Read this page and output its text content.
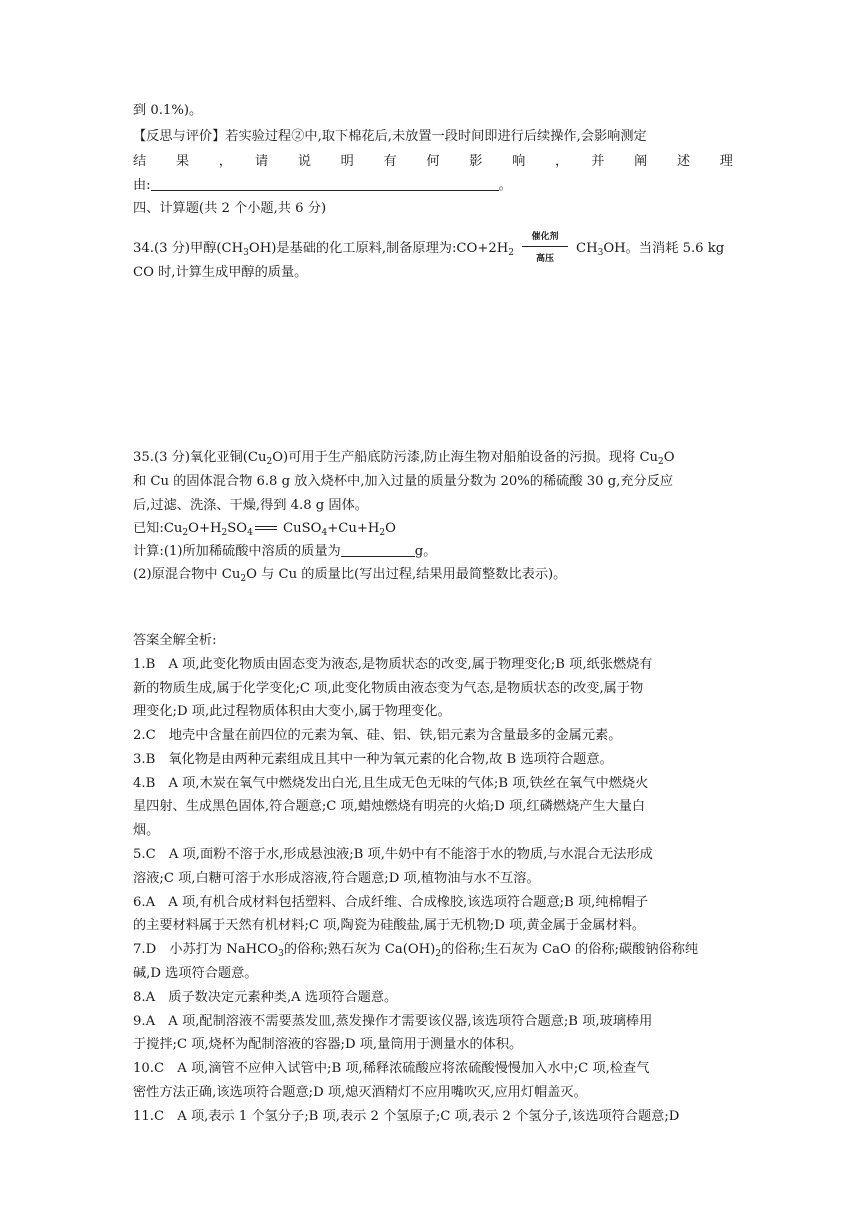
到 0.1%)。
【反思与评价】若实验过程②中,取下棉花后,未放置一段时间即进行后续操作,会影响测定
结　果　，　请　说　明　有　何　影　响　，　并　阐　述　理
由:	。
四、计算题(共 2 个小题,共 6 分)
34.(3 分)甲醇$(CH_3OH)$是基础的化工原料,制备原理为$:CO+2H_2$
催化剂
高压
$CH_3OH$。当消耗 5.6 kg
CO 时,计算生成甲醇的质量。
35.(3 分)氧化亚铜$(Cu_2O)$可用于生产船底防污漆,防止海生物对船舶设备的污损。现将 $Cu_2O$
和 Cu 的固体混合物 6.8 g 放入烧杯中,加入过量的质量分数为 20%的稀硫酸 30 g,充分反应
后,过滤、洗涤、干燥,得到 4.8 g 固体。
已知$:Cu_2O+H_2SO_4$ $CuSO_4+Cu+H_2O$
计算:(1)所加稀硫酸中溶质的质量为	g。
(2)原混合物中 $Cu_2O$ 与 Cu 的质量比(写出过程,结果用最简整数比表示)。
答案全解全析:
1.B　A 项,此变化物质由固态变为液态,是物质状态的改变,属于物理变化;B 项,纸张燃烧有
新的物质生成,属于化学变化;C 项,此变化物质由液态变为气态,是物质状态的改变,属于物
理变化;D 项,此过程物质体积由大变小,属于物理变化。
2.C　地壳中含量在前四位的元素为氧、硅、铝、铁,铝元素为含量最多的金属元素。
3.B　氧化物是由两种元素组成且其中一种为氧元素的化合物,故 B 选项符合题意。
4.B　A 项,木炭在氧气中燃烧发出白光,且生成无色无味的气体;B 项,铁丝在氧气中燃烧火
星四射、生成黑色固体,符合题意;C 项,蜡烛燃烧有明亮的火焰;D 项,红磷燃烧产生大量白
烟。
5.C　A 项,面粉不溶于水,形成悬浊液;B 项,牛奶中有不能溶于水的物质,与水混合无法形成
溶液;C 项,白糖可溶于水形成溶液,符合题意;D 项,植物油与水不互溶。
6.A　A 项,有机合成材料包括塑料、合成纤维、合成橡胶,该选项符合题意;B 项,纯棉帽子
的主要材料属于天然有机材料;C 项,陶瓷为硅酸盐,属于无机物;D 项,黄金属于金属材料。
7.D　小苏打为 NaHCO$_3$的俗称;熟石灰为 $Ca(OH)_2$的俗称;生石灰为 CaO 的俗称;碳酸钠俗称纯
碱,D 选项符合题意。
8.A　质子数决定元素种类,A 选项符合题意。
9.A　A 项,配制溶液不需要蒸发皿,蒸发操作才需要该仪器,该选项符合题意;B 项,玻璃棒用
于搅拌;C 项,烧杯为配制溶液的容器;D 项,量筒用于测量水的体积。
10.C　A 项,滴管不应伸入试管中;B 项,稀释浓硫酸应将浓硫酸慢慢加入水中;C 项,检查气
密性方法正确,该选项符合题意;D 项,熄灭酒精灯不应用嘴吹灭,应用灯帽盖灭。
11.C　A 项,表示 1 个氢分子;B 项,表示 2 个氢原子;C 项,表示 2 个氢分子,该选项符合题意;D
